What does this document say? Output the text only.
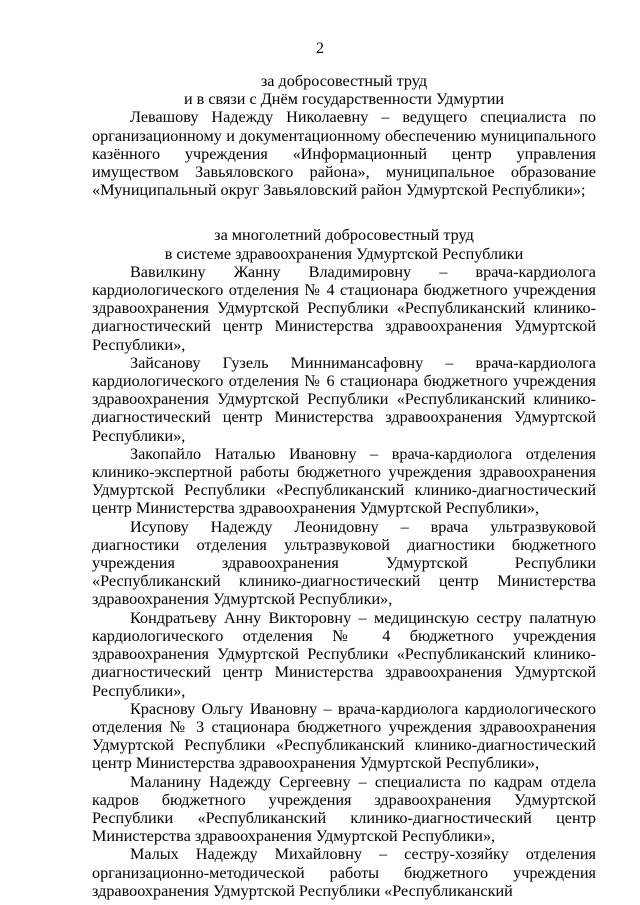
2

за добросовестный труд

и в связи с Днём государственности Удмуртии

Левашову Надежду Николаевну – ведущего специалиста по организационному и документационному обеспечению муниципального казённого учреждения «Информационный центр управления имуществом Завьяловского района», муниципальное образование «Муниципальный округ Завьяловский район Удмуртской Республики»;

за многолетний добросовестный труд

в системе здравоохранения Удмуртской Республики

Вавилкину Жанну Владимировну – врача-кардиолога кардиологического отделения № 4 стационара бюджетного учреждения здравоохранения Удмуртской Республики «Республиканский клинико-диагностический центр Министерства здравоохранения Удмуртской Республики»,

Зайсанову Гузель Миннимансафовну – врача-кардиолога кардиологического отделения № 6 стационара бюджетного учреждения здравоохранения Удмуртской Республики «Республиканский клинико-диагностический центр Министерства здравоохранения Удмуртской Республики»,

Закопайло Наталью Ивановну – врача-кардиолога отделения клинико-экспертной работы бюджетного учреждения здравоохранения Удмуртской Республики «Республиканский клинико-диагностический центр Министерства здравоохранения Удмуртской Республики»,

Исупову Надежду Леонидовну – врача ультразвуковой диагностики отделения ультразвуковой диагностики бюджетного учреждения здравоохранения Удмуртской Республики «Республиканский клинико-диагностический центр Министерства здравоохранения Удмуртской Республики»,

Кондратьеву Анну Викторовну – медицинскую сестру палатную кардиологического отделения № 4 бюджетного учреждения здравоохранения Удмуртской Республики «Республиканский клинико-диагностический центр Министерства здравоохранения Удмуртской Республики»,

Краснову Ольгу Ивановну – врача-кардиолога кардиологического отделения № 3 стационара бюджетного учреждения здравоохранения Удмуртской Республики «Республиканский клинико-диагностический центр Министерства здравоохранения Удмуртской Республики»,

Маланину Надежду Сергеевну – специалиста по кадрам отдела кадров бюджетного учреждения здравоохранения Удмуртской Республики «Республиканский клинико-диагностический центр Министерства здравоохранения Удмуртской Республики»,

Малых Надежду Михайловну – сестру-хозяйку отделения организационно-методической работы бюджетного учреждения здравоохранения Удмуртской Республики «Республиканский
